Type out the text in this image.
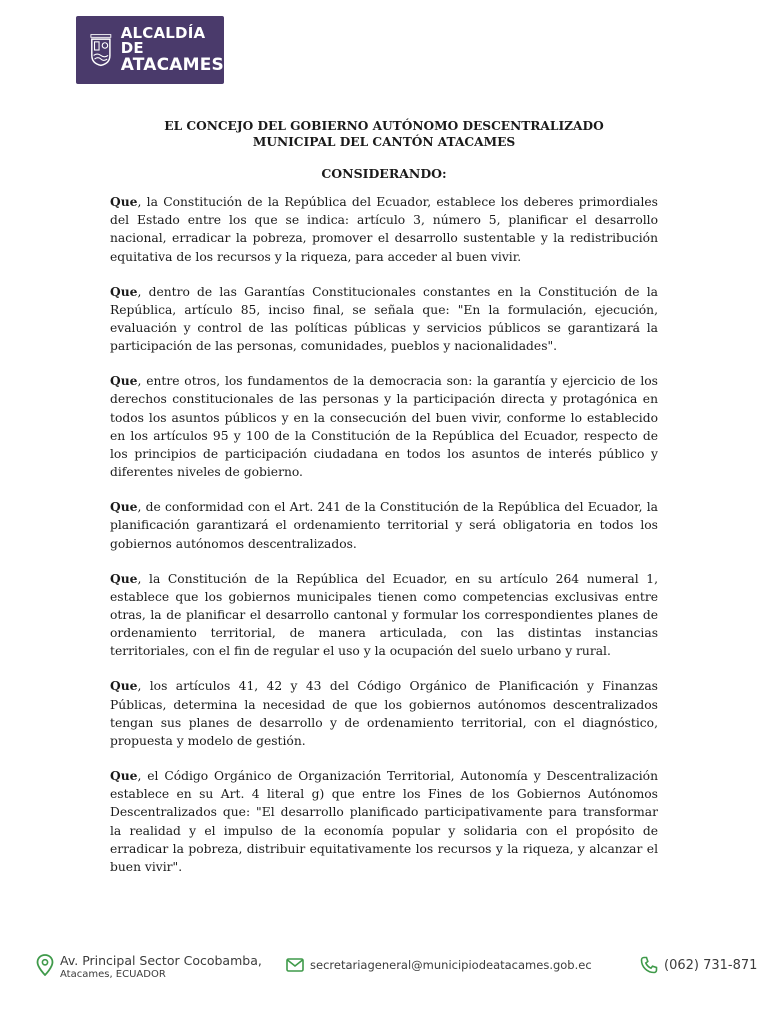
ALCALDÍA DE
ATACAMES
EL CONCEJO DEL GOBIERNO AUTÓNOMO DESCENTRALIZADO
MUNICIPAL DEL CANTÓN ATACAMES
CONSIDERANDO:

Que, la Constitución de la República del Ecuador, establece los deberes primordiales del Estado entre los que se indica: artículo 3, número 5, planificar el desarrollo nacional, erradicar la pobreza, promover el desarrollo sustentable y la redistribución equitativa de los recursos y la riqueza, para acceder al buen vivir.

Que, dentro de las Garantías Constitucionales constantes en la Constitución de la República, artículo 85, inciso final, se señala que: "En la formulación, ejecución, evaluación y control de las políticas públicas y servicios públicos se garantizará la participación de las personas, comunidades, pueblos y nacionalidades".

Que, entre otros, los fundamentos de la democracia son: la garantía y ejercicio de los derechos constitucionales de las personas y la participación directa y protagónica en todos los asuntos públicos y en la consecución del buen vivir, conforme lo establecido en los artículos 95 y 100 de la Constitución de la República del Ecuador, respecto de los principios de participación ciudadana en todos los asuntos de interés público y diferentes niveles de gobierno.

Que, de conformidad con el Art. 241 de la Constitución de la República del Ecuador, la planificación garantizará el ordenamiento territorial y será obligatoria en todos los gobiernos autónomos descentralizados.

Que, la Constitución de la República del Ecuador, en su artículo 264 numeral 1, establece que los gobiernos municipales tienen como competencias exclusivas entre otras, la de planificar el desarrollo cantonal y formular los correspondientes planes de ordenamiento territorial, de manera articulada, con las distintas instancias territoriales, con el fin de regular el uso y la ocupación del suelo urbano y rural.

Que, los artículos 41, 42 y 43 del Código Orgánico de Planificación y Finanzas Públicas, determina la necesidad de que los gobiernos autónomos descentralizados tengan sus planes de desarrollo y de ordenamiento territorial, con el diagnóstico, propuesta y modelo de gestión.

Que, el Código Orgánico de Organización Territorial, Autonomía y Descentralización establece en su Art. 4 literal g) que entre los Fines de los Gobiernos Autónomos Descentralizados que: "El desarrollo planificado participativamente para transformar la realidad y el impulso de la economía popular y solidaria con el propósito de erradicar la pobreza, distribuir equitativamente los recursos y la riqueza, y alcanzar el buen vivir".

Av. Principal Sector Cocobamba,
Atacames, ECUADOR
secretariageneral@municipiodeatacames.gob.ec	(062) 731-871
